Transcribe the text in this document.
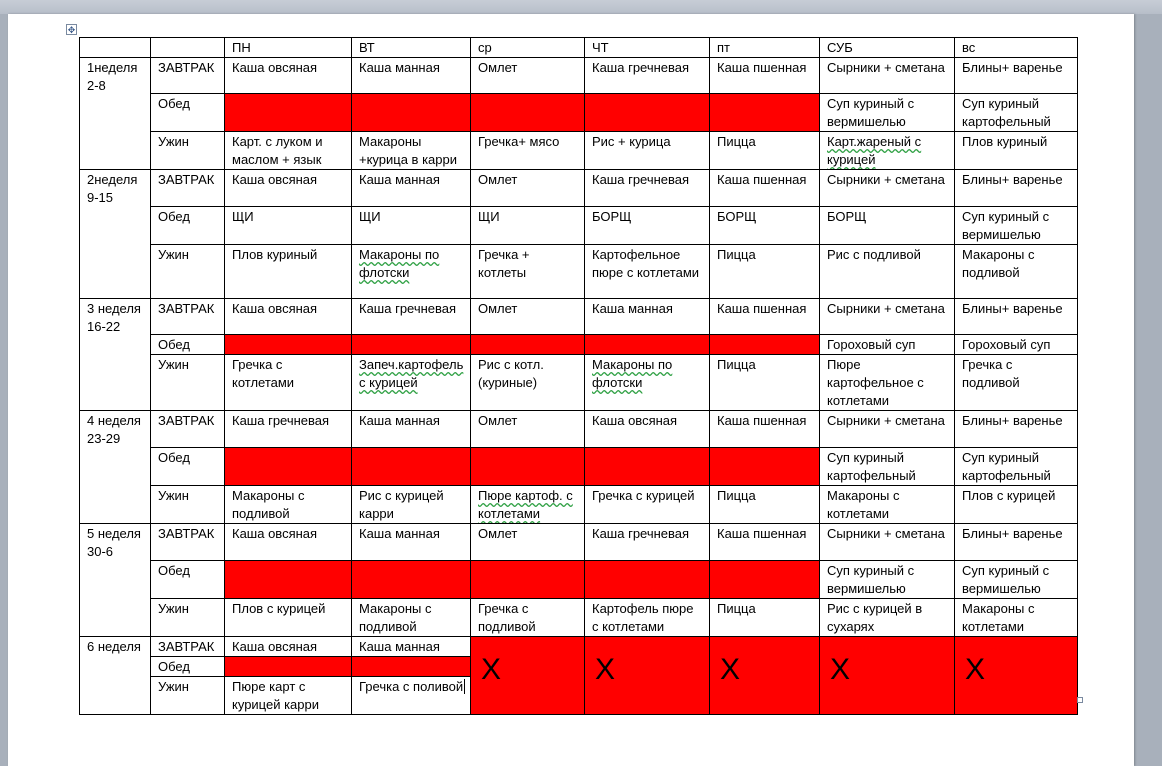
✥
		ПН	ВТ	ср	ЧТ	пт	СУБ	вс
1неделя 2-8	ЗАВТРАК	Каша овсяная	Каша манная	Омлет	Каша гречневая	Каша пшенная	Сырники + сметана	Блины+ варенье
	Обед						Суп куриный с вермишелью	Суп куриный картофельный
	Ужин	Карт. с луком и маслом + язык	Макароны +курица в карри	Гречка+ мясо	Рис + курица	Пицца	Карт.жареный с курицей	Плов куриный
2неделя 9-15	ЗАВТРАК	Каша овсяная	Каша манная	Омлет	Каша гречневая	Каша пшенная	Сырники + сметана	Блины+ варенье
	Обед	ЩИ	ЩИ	ЩИ	БОРЩ	БОРЩ	БОРЩ	Суп куриный с вермишелью
	Ужин	Плов куриный	Макароны по флотски	Гречка + котлеты	Картофельное пюре с котлетами	Пицца	Рис с подливой	Макароны с подливой
3 неделя 16-22	ЗАВТРАК	Каша овсяная	Каша гречневая	Омлет	Каша манная	Каша пшенная	Сырники + сметана	Блины+ варенье
	Обед						Гороховый суп	Гороховый суп
	Ужин	Гречка с котлетами	Запеч.картофель с курицей	Рис с котл. (куриные)	Макароны по флотски	Пицца	Пюре картофельное с котлетами	Гречка с подливой
4 неделя 23-29	ЗАВТРАК	Каша гречневая	Каша манная	Омлет	Каша овсяная	Каша пшенная	Сырники + сметана	Блины+ варенье
	Обед						Суп куриный картофельный	Суп куриный картофельный
	Ужин	Макароны с подливой	Рис с курицей карри	Пюре картоф. с котлетами	Гречка с курицей	Пицца	Макароны с котлетами	Плов с курицей
5 неделя 30-6	ЗАВТРАК	Каша овсяная	Каша манная	Омлет	Каша гречневая	Каша пшенная	Сырники + сметана	Блины+ варенье
	Обед						Суп куриный с вермишелью	Суп куриный с вермишелью
	Ужин	Плов с курицей	Макароны с подливой	Гречка с подливой	Картофель пюре с котлетами	Пицца	Рис с курицей в сухарях	Макароны с котлетами
6 неделя	ЗАВТРАК	Каша овсяная	Каша манная	X	X	X	X	X
	Обед							
	Ужин	Пюре карт с курицей карри	Гречка с поливой					
